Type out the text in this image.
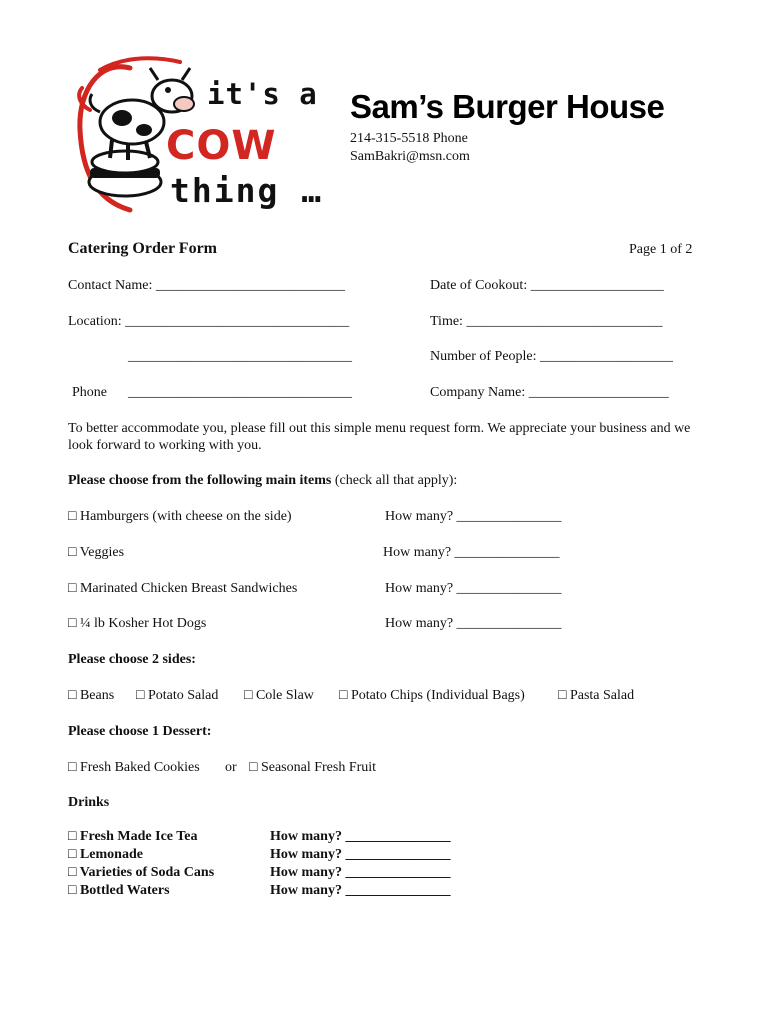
it's a
COW
thing …
Sam’s Burger House
214-315-5518 Phone
SamBakri@msn.com
Catering Order Form	Page 1 of 2
Contact Name: ___________________________	Date of Cookout: ___________________
Location: ________________________________	Time: ____________________________
________________________________	Number of People: ___________________
Phone ________________________________	Company Name: ____________________
To better accommodate you, please fill out this simple menu request form. We appreciate your business and we look forward to working with you.
Please choose from the following main items (check all that apply):
□ Hamburgers (with cheese on the side)	How many? _______________
□ Veggies	How many? _______________
□ Marinated Chicken Breast Sandwiches	How many? _______________
□ ¼ lb Kosher Hot Dogs	How many? _______________
Please choose 2 sides:
□ Beans □ Potato Salad □ Cole Slaw □ Potato Chips (Individual Bags) □ Pasta Salad
Please choose 1 Dessert:
□ Fresh Baked Cookies or □ Seasonal Fresh Fruit
Drinks
□ Fresh Made Ice Tea	How many? _______________
□ Lemonade	How many? _______________
□ Varieties of Soda Cans	How many? _______________
□ Bottled Waters	How many? _______________
